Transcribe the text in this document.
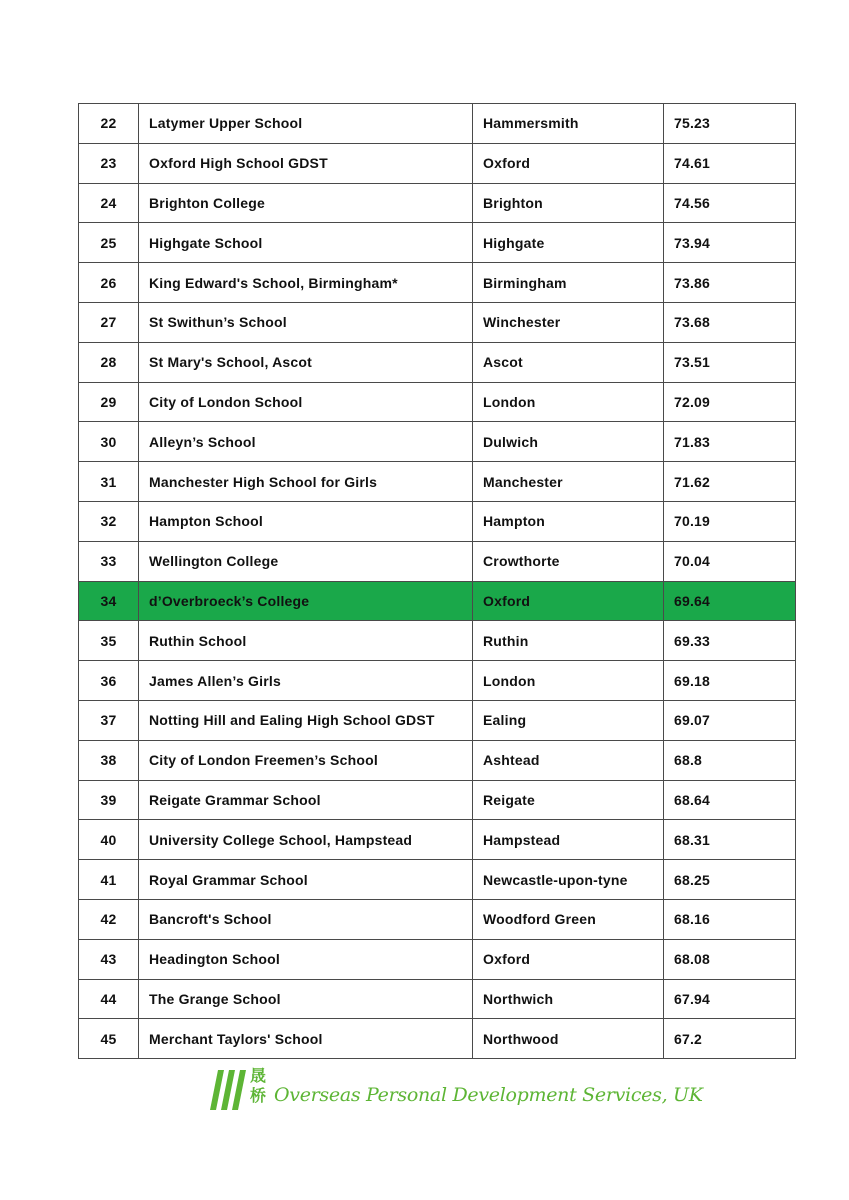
22	Latymer Upper School	Hammersmith	75.23
23	Oxford High School GDST	Oxford	74.61
24	Brighton College	Brighton	74.56
25	Highgate School	Highgate	73.94
26	King Edward's School, Birmingham*	Birmingham	73.86
27	St Swithun’s School	Winchester	73.68
28	St Mary's School, Ascot	Ascot	73.51
29	City of London School	London	72.09
30	Alleyn’s School	Dulwich	71.83
31	Manchester High School for Girls	Manchester	71.62
32	Hampton School	Hampton	70.19
33	Wellington College	Crowthorte	70.04
34	d’Overbroeck’s College	Oxford	69.64
35	Ruthin School	Ruthin	69.33
36	James Allen’s Girls	London	69.18
37	Notting Hill and Ealing High School GDST	Ealing	69.07
38	City of London Freemen’s School	Ashtead	68.8
39	Reigate Grammar School	Reigate	68.64
40	University College School, Hampstead	Hampstead	68.31
41	Royal Grammar School	Newcastle-upon-tyne	68.25
42	Bancroft's School	Woodford Green	68.16
43	Headington School	Oxford	68.08
44	The Grange School	Northwich	67.94
45	Merchant Taylors' School	Northwood	67.2
晟
桥 Overseas Personal Development Services, UK
